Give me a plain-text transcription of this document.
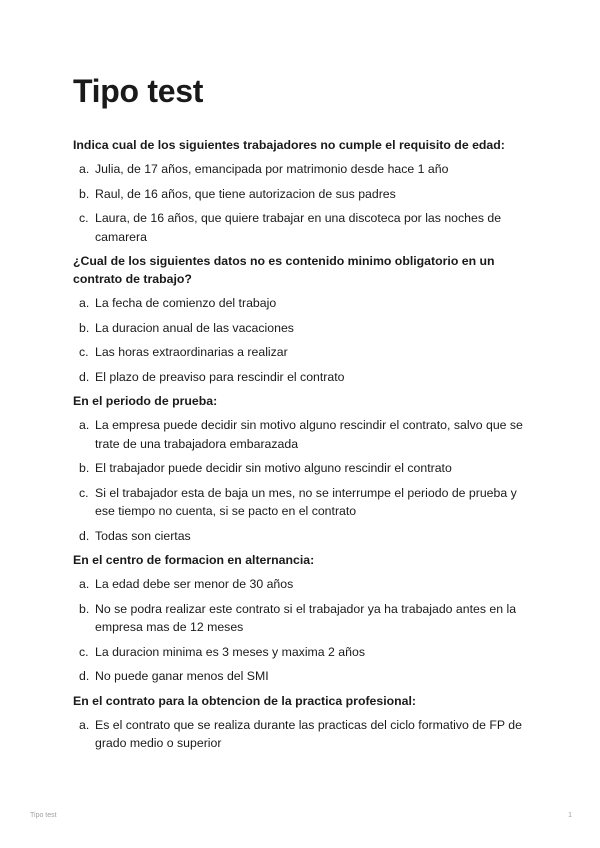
Tipo test
Indica cual de los siguientes trabajadores no cumple el requisito de edad:
a. Julia, de 17 años, emancipada por matrimonio desde hace 1 año
b. Raul, de 16 años, que tiene autorizacion de sus padres
c. Laura, de 16 años, que quiere trabajar en una discoteca por las noches de camarera
¿Cual de los siguientes datos no es contenido minimo obligatorio en un contrato de trabajo?
a. La fecha de comienzo del trabajo
b. La duracion anual de las vacaciones
c. Las horas extraordinarias a realizar
d. El plazo de preaviso para rescindir el contrato
En el periodo de prueba:
a. La empresa puede decidir sin motivo alguno rescindir el contrato, salvo que se trate de una trabajadora embarazada
b. El trabajador puede decidir sin motivo alguno rescindir el contrato
c. Si el trabajador esta de baja un mes, no se interrumpe el periodo de prueba y ese tiempo no cuenta, si se pacto en el contrato
d. Todas son ciertas
En el centro de formacion en alternancia:
a. La edad debe ser menor de 30 años
b. No se podra realizar este contrato si el trabajador ya ha trabajado antes en la empresa mas de 12 meses
c. La duracion minima es 3 meses y maxima 2 años
d. No puede ganar menos del SMI
En el contrato para la obtencion de la practica profesional:
a. Es el contrato que se realiza durante las practicas del ciclo formativo de FP de grado medio o superior
Tipo test	1
